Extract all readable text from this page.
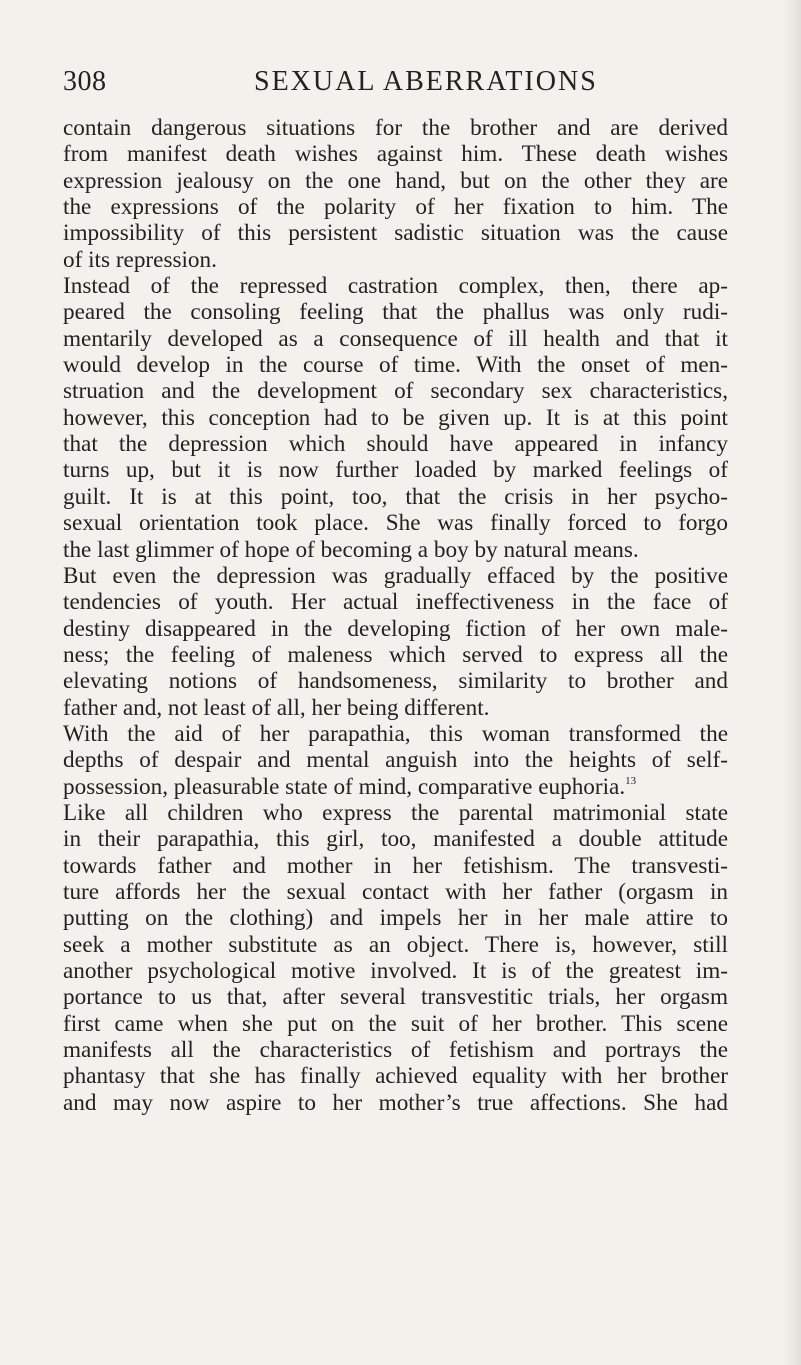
308	SEXUAL ABERRATIONS
contain dangerous situations for the brother and are derived
from manifest death wishes against him. These death wishes
expression jealousy on the one hand, but on the other they are
the expressions of the polarity of her fixation to him. The
impossibility of this persistent sadistic situation was the cause
of its repression.
Instead of the repressed castration complex, then, there ap-
peared the consoling feeling that the phallus was only rudi-
mentarily developed as a consequence of ill health and that it
would develop in the course of time. With the onset of men-
struation and the development of secondary sex characteristics,
however, this conception had to be given up. It is at this point
that the depression which should have appeared in infancy
turns up, but it is now further loaded by marked feelings of
guilt. It is at this point, too, that the crisis in her psycho-
sexual orientation took place. She was finally forced to forgo
the last glimmer of hope of becoming a boy by natural means.
But even the depression was gradually effaced by the positive
tendencies of youth. Her actual ineffectiveness in the face of
destiny disappeared in the developing fiction of her own male-
ness; the feeling of maleness which served to express all the
elevating notions of handsomeness, similarity to brother and
father and, not least of all, her being different.
With the aid of her parapathia, this woman transformed the
depths of despair and mental anguish into the heights of self-
possession, pleasurable state of mind, comparative euphoria.$^{13}$
Like all children who express the parental matrimonial state
in their parapathia, this girl, too, manifested a double attitude
towards father and mother in her fetishism. The transvesti-
ture affords her the sexual contact with her father (orgasm in
putting on the clothing) and impels her in her male attire to
seek a mother substitute as an object. There is, however, still
another psychological motive involved. It is of the greatest im-
portance to us that, after several transvestitic trials, her orgasm
first came when she put on the suit of her brother. This scene
manifests all the characteristics of fetishism and portrays the
phantasy that she has finally achieved equality with her brother
and may now aspire to her mother’s true affections. She had
